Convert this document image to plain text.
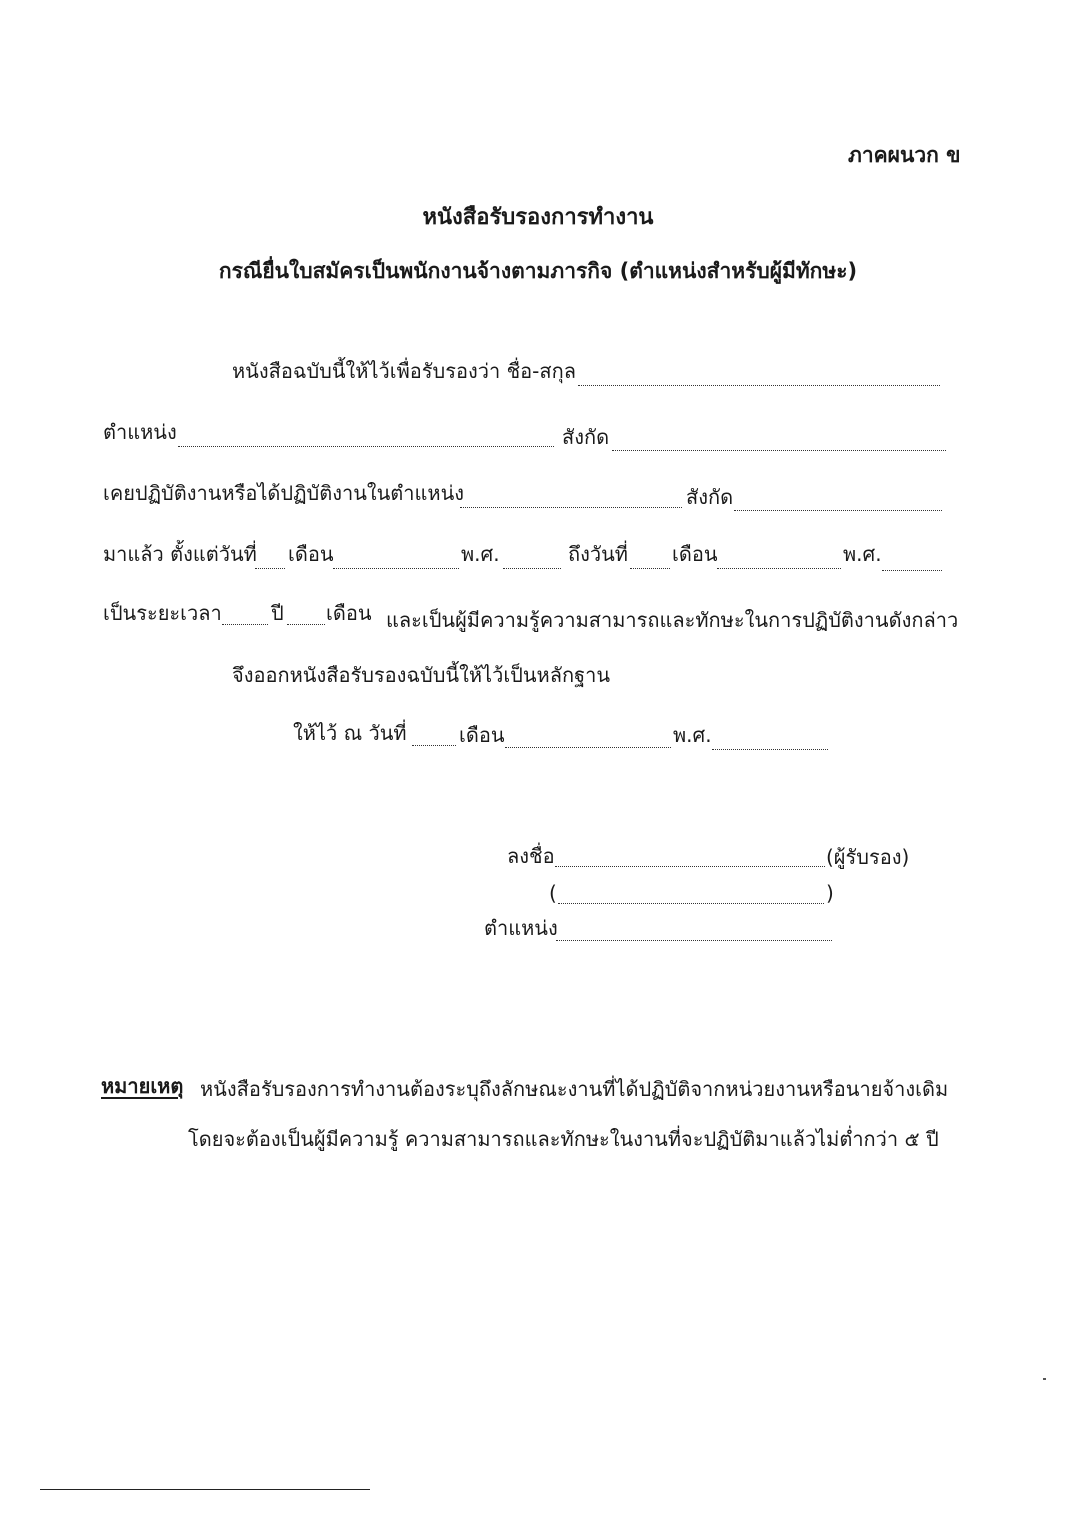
ภาคผนวก ข
หนังสือรับรองการทำงาน
กรณียื่นใบสมัครเป็นพนักงานจ้างตามภารกิจ (ตำแหน่งสำหรับผู้มีทักษะ)
หนังสือฉบับนี้ให้ไว้เพื่อรับรองว่า ชื่อ-สกุล
ตำแหน่ง	สังกัด
เคยปฏิบัติงานหรือได้ปฏิบัติงานในตำแหน่ง	สังกัด
มาแล้ว ตั้งแต่วันที่ เดือน	พ.ศ.	ถึงวันที่ เดือน	พ.ศ.
เป็นระยะเวลา ปี เดือน และเป็นผู้มีความรู้ความสามารถและทักษะในการปฏิบัติงานดังกล่าว
จึงออกหนังสือรับรองฉบับนี้ให้ไว้เป็นหลักฐาน
ให้ไว้ ณ วันที่	เดือน	พ.ศ.
ลงชื่อ	(ผู้รับรอง)
(	)
ตำแหน่ง
หมายเหตุ หนังสือรับรองการทำงานต้องระบุถึงลักษณะงานที่ได้ปฏิบัติจากหน่วยงานหรือนายจ้างเดิม
โดยจะต้องเป็นผู้มีความรู้ ความสามารถและทักษะในงานที่จะปฏิบัติมาแล้วไม่ต่ำกว่า ๕ ปี
